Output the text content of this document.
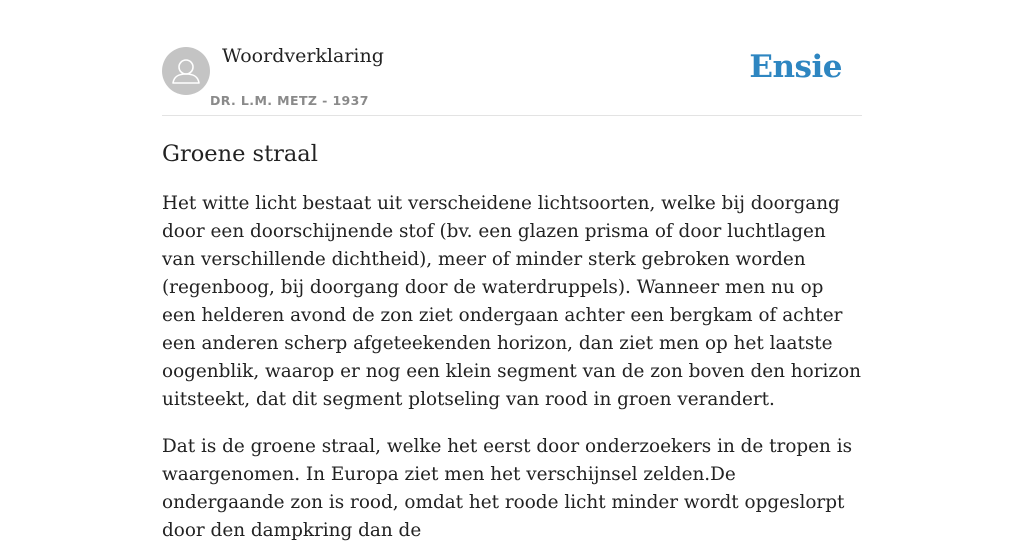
Woordverklaring
DR. L.M. METZ - 1937
Ensie
Groene straal

Het witte licht bestaat uit verscheidene lichtsoorten, welke bij doorgang door een doorschijnende stof (bv. een glazen prisma of door luchtlagen van verschillende dichtheid), meer of minder sterk gebroken worden (regenboog, bij doorgang door de waterdruppels). Wanneer men nu op een helderen avond de zon ziet ondergaan achter een bergkam of achter een anderen scherp afgeteekenden horizon, dan ziet men op het laatste oogenblik, waarop er nog een klein segment van de zon boven den horizon uitsteekt, dat dit segment plotseling van rood in groen verandert.

Dat is de groene straal, welke het eerst door onderzoekers in de tropen is waargenomen. In Europa ziet men het verschijnsel zelden.De ondergaande zon is rood, omdat het roode licht minder wordt opgeslorpt door den dampkring dan de
